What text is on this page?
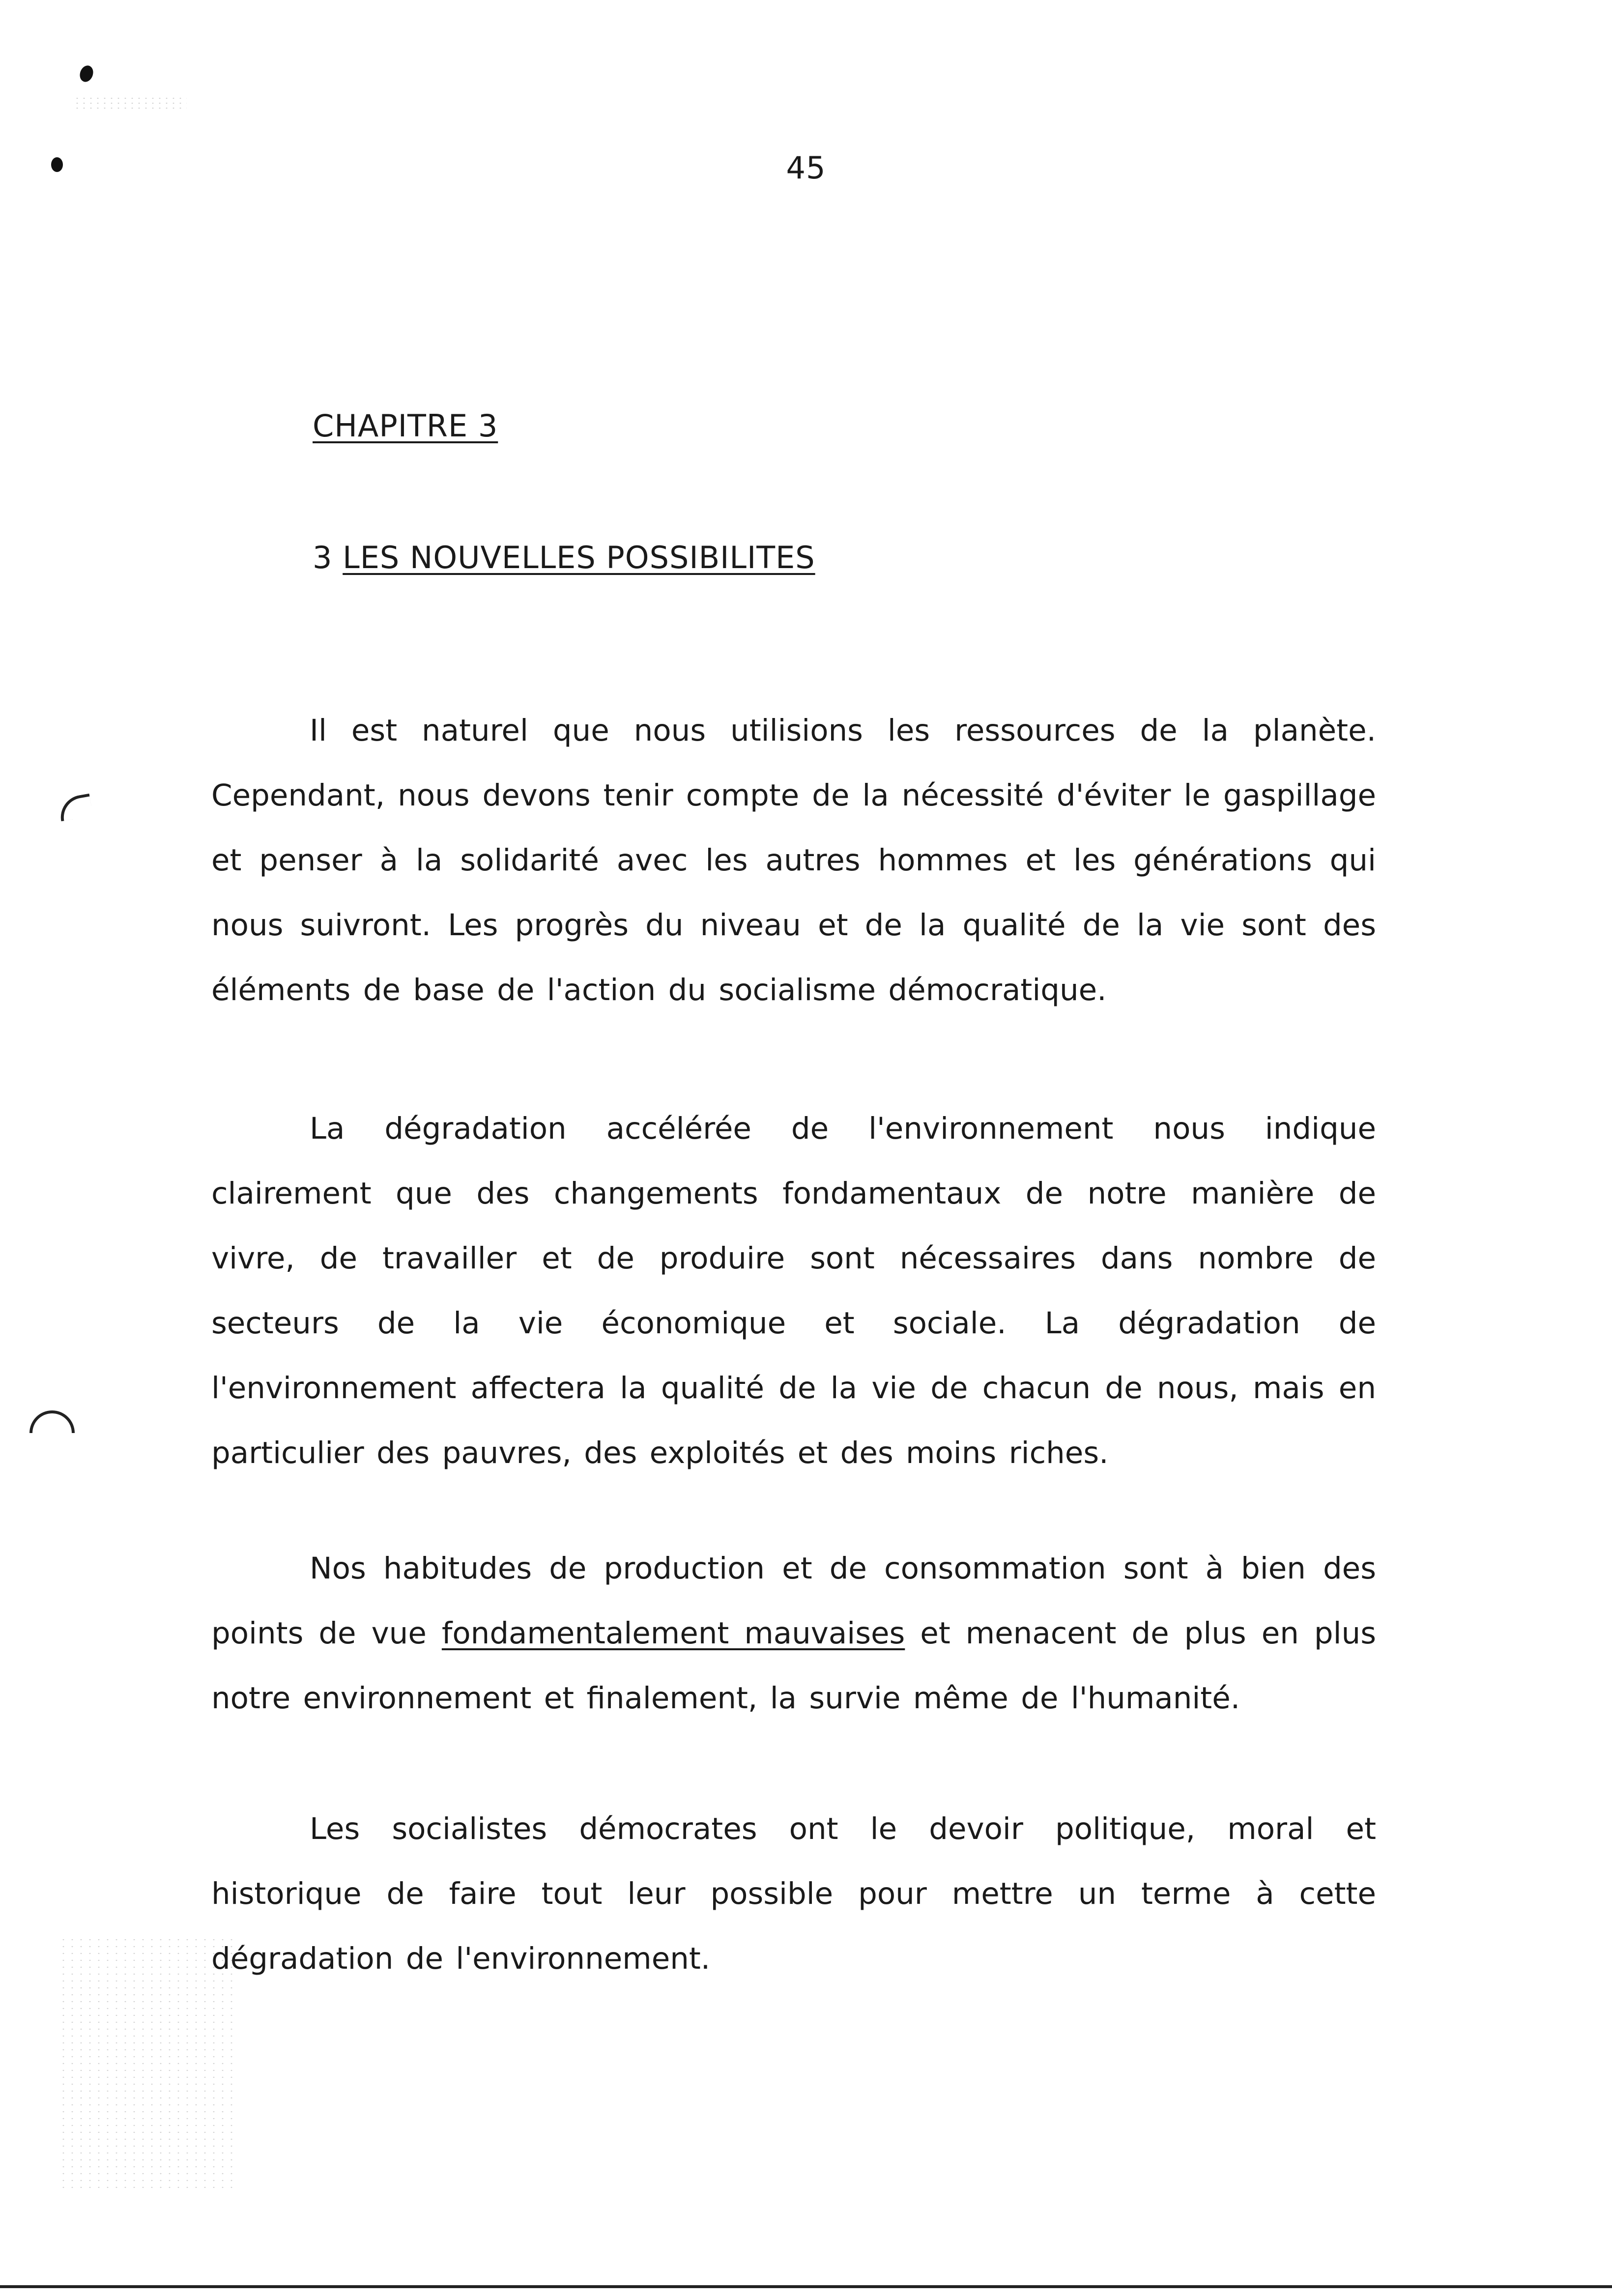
45
CHAPITRE 3
3 LES NOUVELLES POSSIBILITES

Il est naturel que nous utilisions les ressources de la planète. Cependant, nous devons tenir compte de la nécessité d'éviter le gaspillage et penser à la solidarité avec les autres hommes et les générations qui nous suivront. Les progrès du niveau et de la qualité de la vie sont des éléments de base de l'action du socialisme démocratique.

La dégradation accélérée de l'environnement nous indique clairement que des changements fondamentaux de notre manière de vivre, de travailler et de produire sont nécessaires dans nombre de secteurs de la vie économique et sociale. La dégradation de l'environnement affectera la qualité de la vie de chacun de nous, mais en particulier des pauvres, des exploités et des moins riches.

Nos habitudes de production et de consommation sont à bien des points de vue fondamentalement mauvaises et menacent de plus en plus notre environnement et finalement, la survie même de l'humanité.

Les socialistes démocrates ont le devoir politique, moral et historique de faire tout leur possible pour mettre un terme à cette dégradation de l'environnement.
